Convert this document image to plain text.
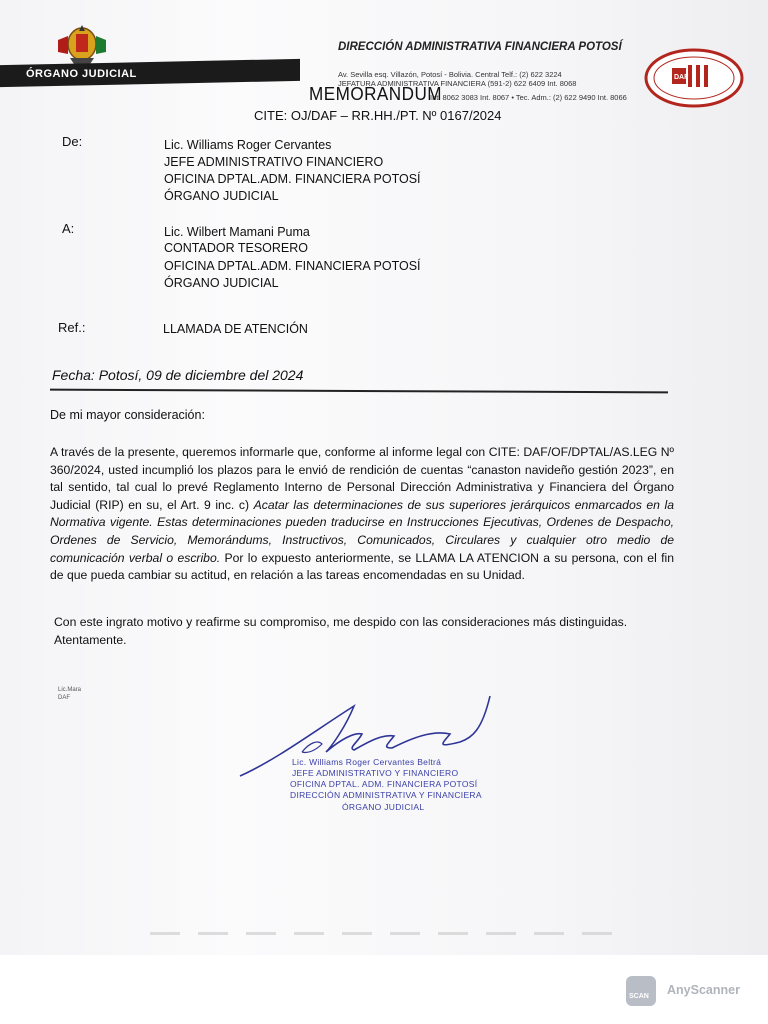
ÓRGANO JUDICIAL
DIRECCIÓN ADMINISTRATIVA FINANCIERA POTOSÍ
Av. Sevilla esq. Villazón, Potosí - Bolivia. Central Telf.: (2) 622 3224
JEFATURA ADMINISTRATIVA FINANCIERA (591-2) 622 6409 Int. 8068
Int. 8062 3083 Int. 8067 • Tec. Adm.: (2) 622 9490 Int. 8066
MEMORANDUM
CITE: OJ/DAF – RR.HH./PT. Nº 0167/2024
DAF
De:	Lic. Williams Roger Cervantes
JEFE ADMINISTRATIVO FINANCIERO
OFICINA DPTAL.ADM. FINANCIERA POTOSÍ
ÓRGANO JUDICIAL
A:	Lic. Wilbert Mamani Puma
CONTADOR TESORERO
OFICINA DPTAL.ADM. FINANCIERA POTOSÍ
ÓRGANO JUDICIAL
Ref.:	LLAMADA DE ATENCIÓN
Fecha: Potosí, 09 de diciembre del 2024
De mi mayor consideración:
A través de la presente, queremos informarle que, conforme al informe legal con CITE: DAF/OF/DPTAL/AS.LEG Nº 360/2024, usted incumplió los plazos para le envió de rendición de cuentas “canaston navideño gestión 2023”, en tal sentido, tal cual lo prevé Reglamento Interno de Personal Dirección Administrativa y Financiera del Órgano Judicial (RIP) en su, el Art. 9 inc. c) Acatar las determinaciones de sus superiores jerárquicos enmarcados en la Normativa vigente. Estas determinaciones pueden traducirse en Instrucciones Ejecutivas, Ordenes de Despacho, Ordenes de Servicio, Memorándums, Instructivos, Comunicados, Circulares y cualquier otro medio de comunicación verbal o escribo. Por lo expuesto anteriormente, se LLAMA LA ATENCION a su persona, con el fin de que pueda cambiar su actitud, en relación a las tareas encomendadas en su Unidad.
Con este ingrato motivo y reafirme su compromiso, me despido con las consideraciones más distinguidas.
Atentamente.
Lic.Mara
DAF
Lic. Williams Roger Cervantes Beltrá
JEFE ADMINISTRATIVO Y FINANCIERO
OFICINA DPTAL. ADM. FINANCIERA POTOSÍ
DIRECCIÓN ADMINISTRATIVA Y FINANCIERA
ÓRGANO JUDICIAL
SCAN AnyScanner
